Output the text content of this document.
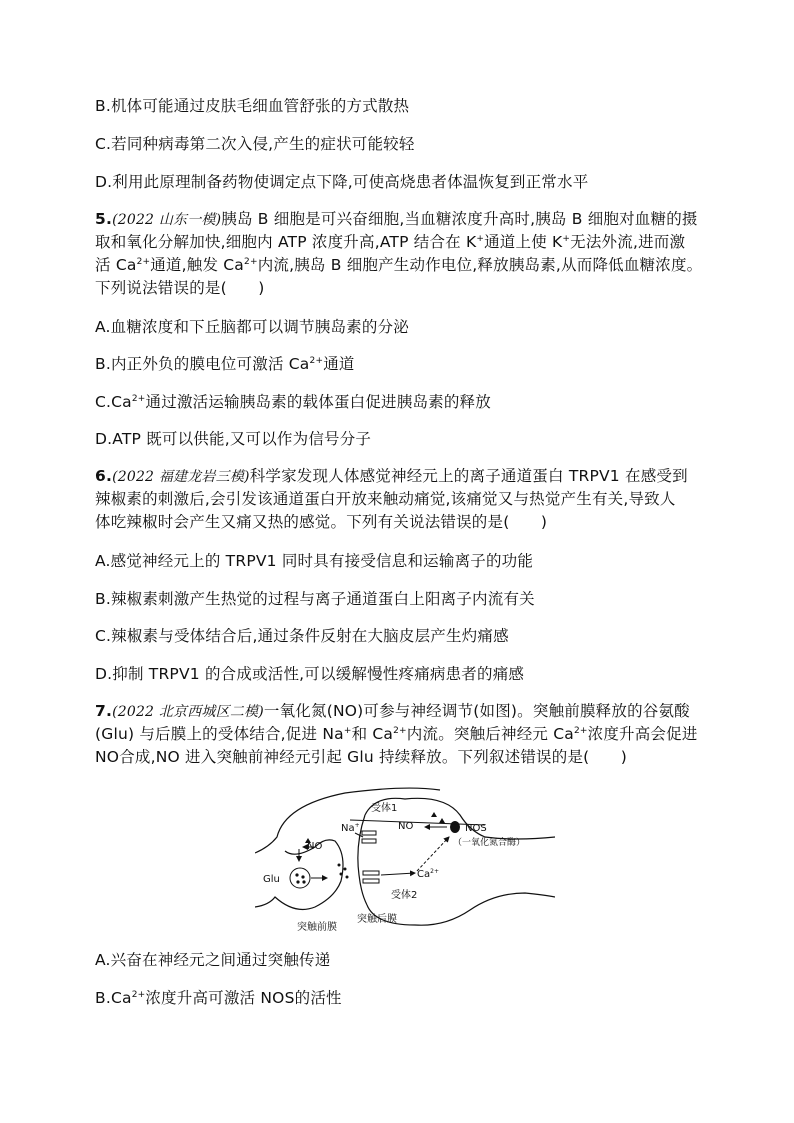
B.机体可能通过皮肤毛细血管舒张的方式散热
C.若同种病毒第二次入侵,产生的症状可能较轻
D.利用此原理制备药物使调定点下降,可使高烧患者体温恢复到正常水平
5.(2022 山东一模)胰岛 B 细胞是可兴奋细胞,当血糖浓度升高时,胰岛 B 细胞对血糖的摄
取和氧化分解加快,细胞内 ATP 浓度升高,ATP 结合在 K+通道上使 K+无法外流,进而激
活 $Ca^{2+}$通道,触发 $Ca^{2+}$内流,胰岛 B 细胞产生动作电位,释放胰岛素,从而降低血糖浓度。
下列说法错误的是(　　)
A.血糖浓度和下丘脑都可以调节胰岛素的分泌
B.内正外负的膜电位可激活 $Ca^{2+}$通道
$C.Ca^{2+}$通过激活运输胰岛素的载体蛋白促进胰岛素的释放
D.ATP 既可以供能,又可以作为信号分子
6.(2022 福建龙岩三模)科学家发现人体感觉神经元上的离子通道蛋白 TRPV1 在感受到
辣椒素的刺激后,会引发该通道蛋白开放来触动痛觉,该痛觉又与热觉产生有关,导致人
体吃辣椒时会产生又痛又热的感觉。下列有关说法错误的是(　　)
A.感觉神经元上的 TRPV1 同时具有接受信息和运输离子的功能
B.辣椒素刺激产生热觉的过程与离子通道蛋白上阳离子内流有关
C.辣椒素与受体结合后,通过条件反射在大脑皮层产生灼痛感
D.抑制 TRPV1 的合成或活性,可以缓解慢性疼痛病患者的痛感
7.(2022 北京西城区二模)一氧化氮(NO)可参与神经调节(如图)。突触前膜释放的谷氨酸
(Glu) 与后膜上的受体结合,促进 Na+和 $Ca^{2+}$内流。突触后神经元 $Ca^{2+}$浓度升高会促进
NO合成,NO 进入突触前神经元引起 Glu 持续释放。下列叙述错误的是(　　)
受体1
Na+	NO	NOS
（一氧化氮合酶）
NO
$Ca^{2+}$
受体2
Glu
突触前膜
突触后膜
A.兴奋在神经元之间通过突触传递
$B.Ca^{2+}$浓度升高可激活 NOS的活性
